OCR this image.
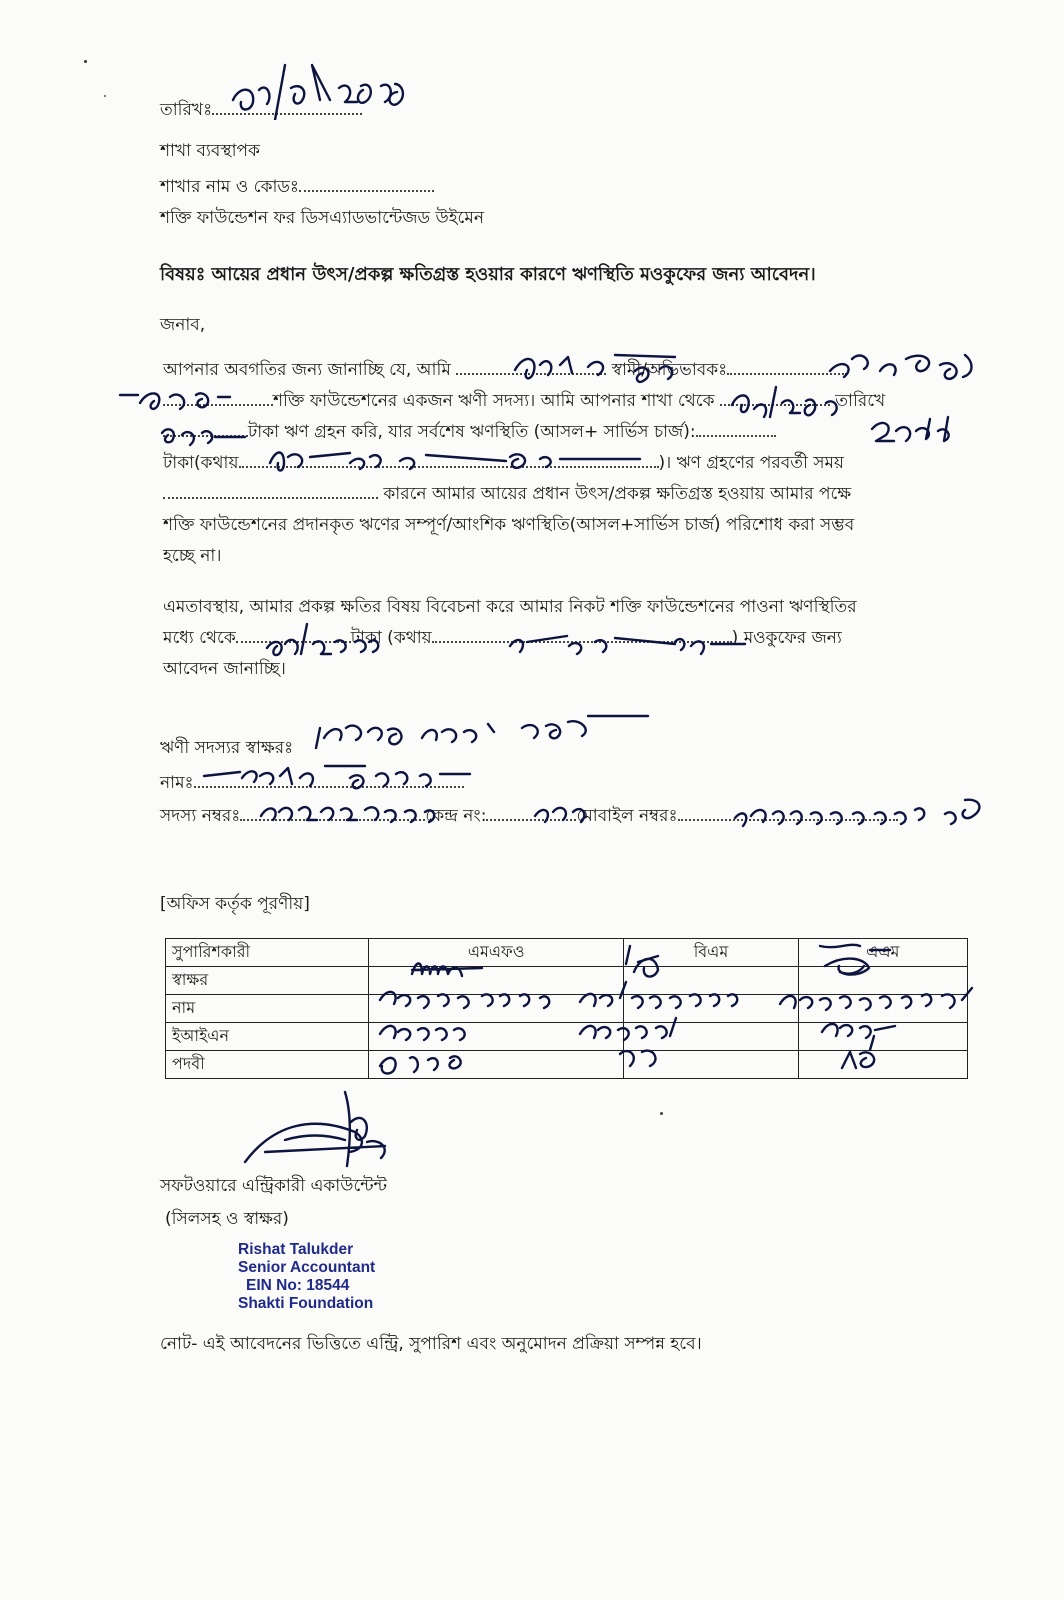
তারিখঃ
শাখা ব্যবস্থাপক
শাখার নাম ও কোডঃ
শক্তি ফাউন্ডেশন ফর ডিসএ্যাডভান্টেজড উইমেন
বিষয়ঃ আয়ের প্রধান উৎস/প্রকল্প ক্ষতিগ্রস্ত হওয়ার কারণে ঋণস্থিতি মওকুফের জন্য আবেদন।
জনাব,
আপনার অবগতির জন্য জানাচ্ছি যে, আমি	স্বামী/অভিভাবকঃ
শক্তি ফাউন্ডেশনের একজন ঋণী সদস্য। আমি আপনার শাখা থেকে	তারিখে
টাকা ঋণ গ্রহন করি, যার সর্বশেষ ঋণস্থিতি (আসল+ সার্ভিস চার্জ):
টাকা(কথায়	)। ঋণ গ্রহণের পরবর্তী সময়
কারনে আমার আয়ের প্রধান উৎস/প্রকল্প ক্ষতিগ্রস্ত হওয়ায় আমার পক্ষে
শক্তি ফাউন্ডেশনের প্রদানকৃত ঋণের সম্পূর্ণ/আংশিক ঋণস্থিতি(আসল+সার্ভিস চার্জ) পরিশোধ করা সম্ভব
হচ্ছে না।
এমতাবস্থায়, আমার প্রকল্প ক্ষতির বিষয় বিবেচনা করে আমার নিকট শক্তি ফাউন্ডেশনের পাওনা ঋণস্থিতির
মধ্যে থেকে	টাকা (কথায়	) মওকুফের জন্য
আবেদন জানাচ্ছি।
ঋণী সদস্যর স্বাক্ষরঃ
নামঃ
সদস্য নম্বরঃ	কেন্দ্র নং:	মোবাইল নম্বরঃ
[অফিস কর্তৃক পূরণীয়]
সুপারিশকারী	এমএফও	বিএম	এএম
স্বাক্ষর			
নাম			
ইআইএন			
পদবী			
সফটওয়ারে এন্ট্রিকারী একাউন্টেন্ট
(সিলসহ ও স্বাক্ষর)
Rishat Talukder
Senior Accountant
EIN No: 18544
Shakti Foundation
নোট- এই আবেদনের ভিত্তিতে এন্ট্রি, সুপারিশ এবং অনুমোদন প্রক্রিয়া সম্পন্ন হবে।
